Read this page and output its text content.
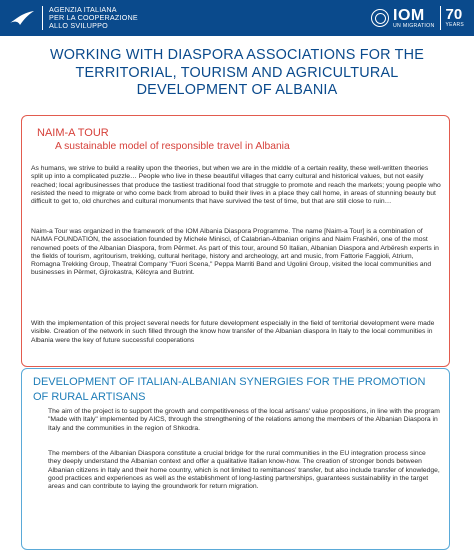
AGENZIA ITALIANA
PER LA COOPERAZIONE
ALLO SVILUPPO
IOM
UN MIGRATION
70
YEARS
WORKING WITH DIASPORA ASSOCIATIONS FOR THE TERRITORIAL, TOURISM AND AGRICULTURAL DEVELOPMENT OF ALBANIA
NAIM-A TOUR
A sustainable model of responsible travel in Albania
As humans, we strive to build a reality upon the theories, but when we are in the middle of a certain reality, these well-written theories split up into a complicated puzzle… People who live in these beautiful villages that carry cultural and historical values, but not easily reached; local agribusinesses that produce the tastiest traditional food that struggle to promote and reach the markets; young people who resisted the need to migrate or who come back from abroad to build their lives in a place they call home, in areas of stunning beauty but difficult to get to, old churches and cultural monuments that have survived the test of time, but that are still close to ruin…
Naim-a Tour was organized in the framework of the IOM Albania Diaspora Programme. The name [Naim-a Tour] is a combination of NAIMA FOUNDATION, the association founded by Michele Minisci, of Calabrian-Albanian origins and Naim Frashëri, one of the most renowned poets of the Albanian Diaspora, from Përmet. As part of this tour, around 50 Italian, Albanian Diaspora and Arbëresh experts in the fields of tourism, agritourism, trekking, cultural heritage, history and archeology, art and music, from Fattorie Faggioli, Atrium, Romagna Trekking Group, Theatral Company "Fuori Scena," Peppa Marriti Band and Ugolini Group, visited the local communities and businesses in Përmet, Gjirokastra, Këlcyra and Butrint.
With the implementation of this project several needs for future development especially in the field of territorial development were made visible. Creation of the network in such filled through the know how transfer of the Albanian diaspora In Italy to the local communities in Albania were the key of future successful cooperations
DEVELOPMENT OF ITALIAN-ALBANIAN SYNERGIES FOR THE PROMOTION OF RURAL ARTISANS
The aim of the project is to support the growth and competitiveness of the local artisans' value propositions, in line with the program "Made with Italy" implemented by AICS, through the strengthening of the relations among the members of the Albanian Diaspora in Italy and the communities in the region of Shkodra.
The members of the Albanian Diaspora constitute a crucial bridge for the rural communities in the EU integration process since they deeply understand the Albanian context and offer a qualitative Italian know-how. The creation of stronger bonds between Albanian citizens in Italy and their home country, which is not limited to remittances' transfer, but also include transfer of knowledge, good practices and experiences as well as the establishment of long-lasting partnerships, guarantees sustainability in the target areas and can contribute to laying the groundwork for return migration.
